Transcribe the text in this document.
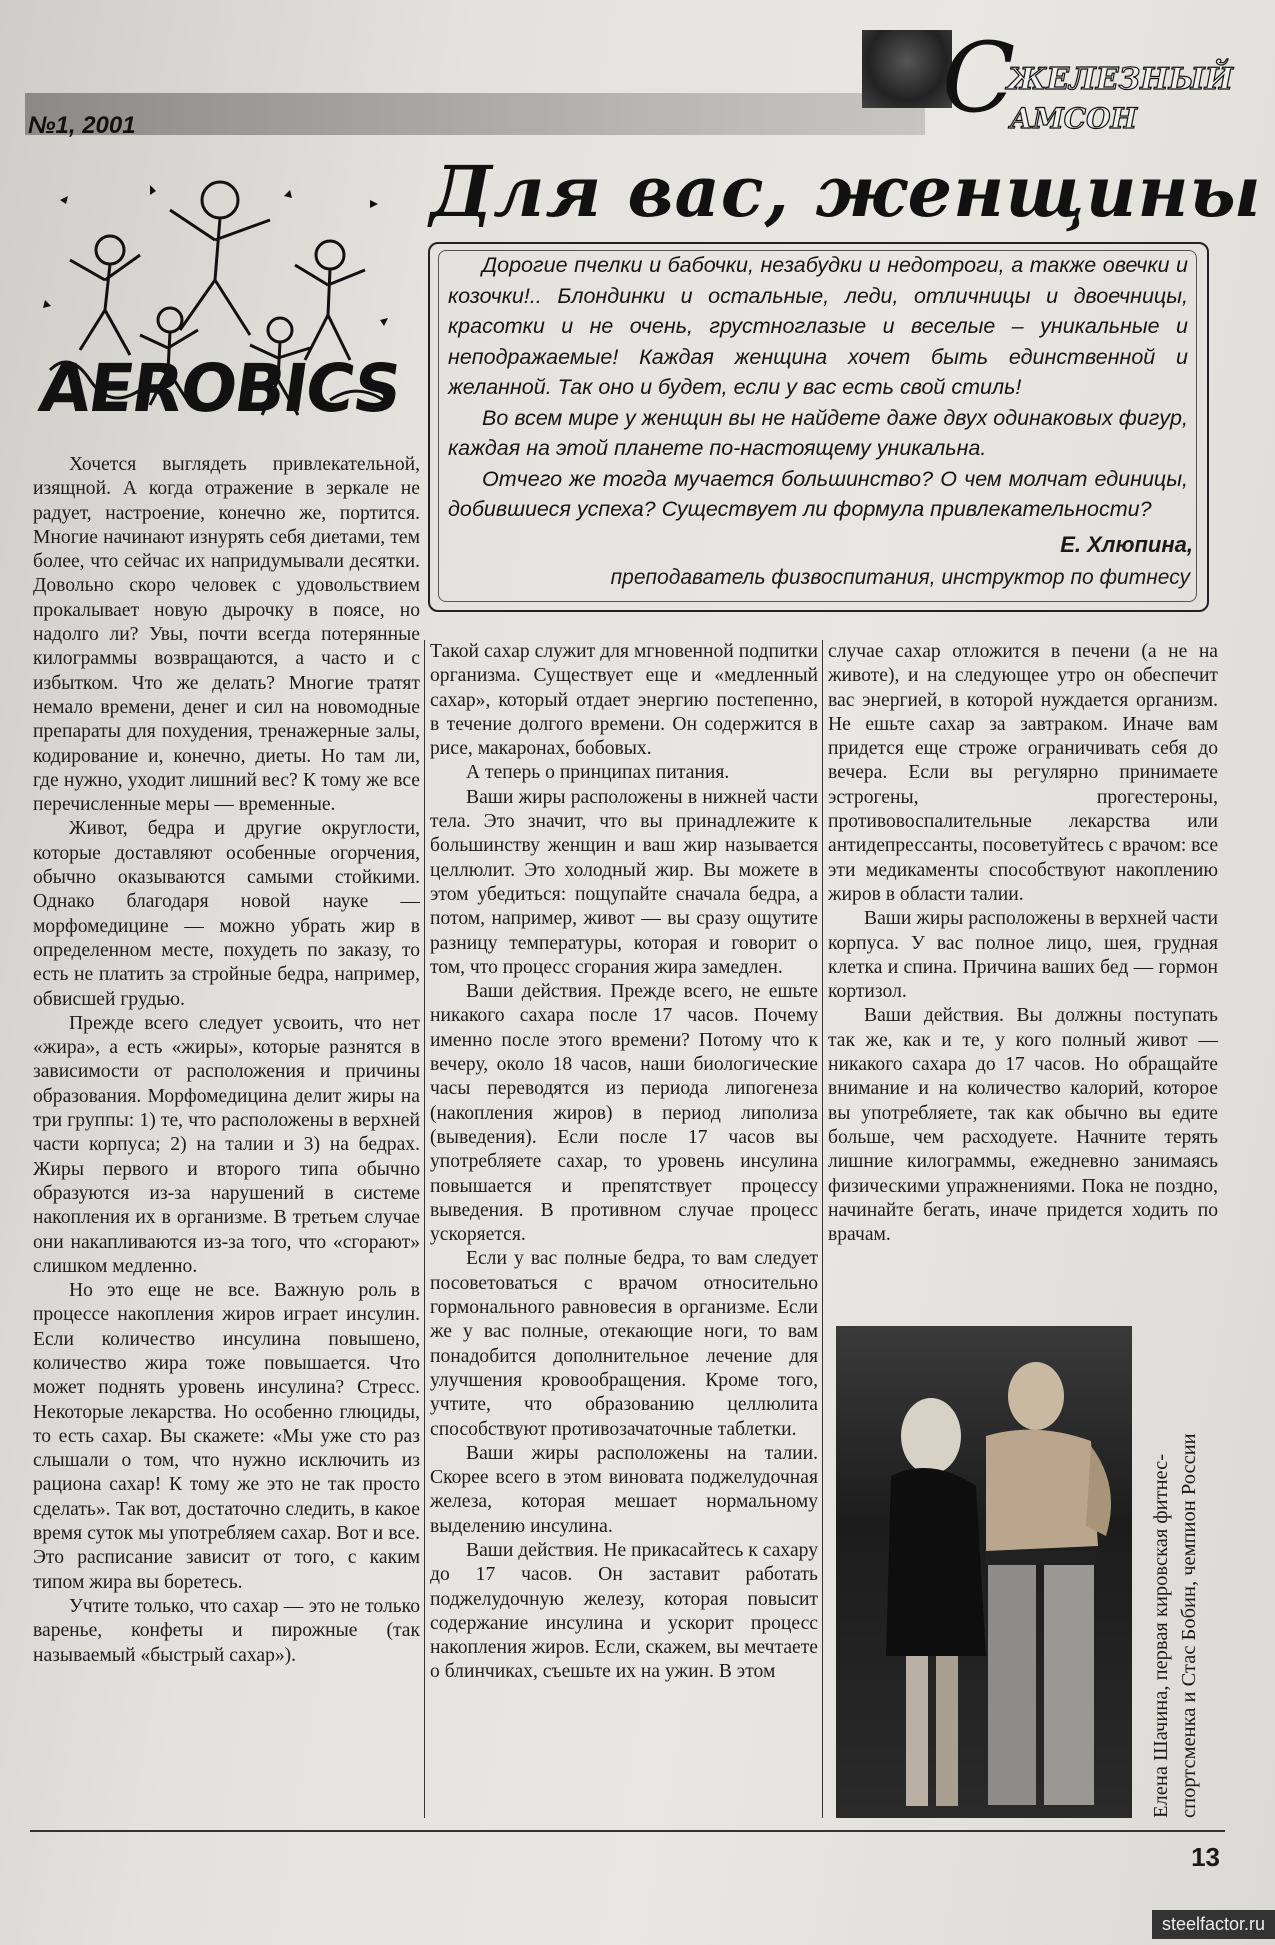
№1, 2001	С
ЖЕЛЕЗНЫЙ
АМСОН
Для вас, женщины
AEROBICS

Дорогие пчелки и бабочки, незабудки и недотроги, а также овечки и козочки!.. Блондинки и остальные, леди, отличницы и двоечницы, красотки и не очень, грустноглазые и веселые – уникальные и неподражаемые! Каждая женщина хочет быть единственной и желанной. Так оно и будет, если у вас есть свой стиль!

Во всем мире у женщин вы не найдете даже двух одинаковых фигур, каждая на этой планете по-настоящему уникальна.

Отчего же тогда мучается большинство? О чем молчат единицы, добившиеся успеха? Существует ли формула привлекательности?

Е. Хлюпина,
преподаватель физвоспитания, инструктор по фитнесу

Хочется выглядеть привлекательной, изящной. А когда отражение в зеркале не радует, настроение, конечно же, портится. Многие начинают изнурять себя диетами, тем более, что сейчас их напридумывали десятки. Довольно скоро человек с удовольствием прокалывает новую дырочку в поясе, но надолго ли? Увы, почти всегда потерянные килограммы возвращаются, а часто и с избытком. Что же делать? Многие тратят немало времени, денег и сил на новомодные препараты для похудения, тренажерные залы, кодирование и, конечно, диеты. Но там ли, где нужно, уходит лишний вес? К тому же все перечисленные меры — временные.

Живот, бедра и другие округлости, которые доставляют особенные огорчения, обычно оказываются самыми стойкими. Однако благодаря новой науке — морфомедицине — можно убрать жир в определенном месте, похудеть по заказу, то есть не платить за стройные бедра, например, обвисшей грудью.

Прежде всего следует усвоить, что нет «жира», а есть «жиры», которые разнятся в зависимости от расположения и причины образования. Морфомедицина делит жиры на три группы: 1) те, что расположены в верхней части корпуса; 2) на талии и 3) на бедрах. Жиры первого и второго типа обычно образуются из-за нарушений в системе накопления их в организме. В третьем случае они накапливаются из-за того, что «сгорают» слишком медленно.

Но это еще не все. Важную роль в процессе накопления жиров играет инсулин. Если количество инсулина повышено, количество жира тоже повышается. Что может поднять уровень инсулина? Стресс. Некоторые лекарства. Но особенно глюциды, то есть сахар. Вы скажете: «Мы уже сто раз слышали о том, что нужно исключить из рациона сахар! К тому же это не так просто сделать». Так вот, достаточно следить, в какое время суток мы употребляем сахар. Вот и все. Это расписание зависит от того, с каким типом жира вы боретесь.

Учтите только, что сахар — это не только варенье, конфеты и пирожные (так называемый «быстрый сахар»).

Такой сахар служит для мгновенной подпитки организма. Существует еще и «медленный сахар», который отдает энергию постепенно, в течение долгого времени. Он содержится в рисе, макаронах, бобовых.

А теперь о принципах питания.

Ваши жиры расположены в нижней части тела. Это значит, что вы принадлежите к большинству женщин и ваш жир называется целлюлит. Это холодный жир. Вы можете в этом убедиться: пощупайте сначала бедра, а потом, например, живот — вы сразу ощутите разницу температуры, которая и говорит о том, что процесс сгорания жира замедлен.

Ваши действия. Прежде всего, не ешьте никакого сахара после 17 часов. Почему именно после этого времени? Потому что к вечеру, около 18 часов, наши биологические часы переводятся из периода липогенеза (накопления жиров) в период липолиза (выведения). Если после 17 часов вы употребляете сахар, то уровень инсулина повышается и препятствует процессу выведения. В противном случае процесс ускоряется.

Если у вас полные бедра, то вам следует посоветоваться с врачом относительно гормонального равновесия в организме. Если же у вас полные, отекающие ноги, то вам понадобится дополнительное лечение для улучшения кровообращения. Кроме того, учтите, что образованию целлюлита способствуют противозачаточные таблетки.

Ваши жиры расположены на талии. Скорее всего в этом виновата поджелудочная железа, которая мешает нормальному выделению инсулина.

Ваши действия. Не прикасайтесь к сахару до 17 часов. Он заставит работать поджелудочную железу, которая повысит содержание инсулина и ускорит процесс накопления жиров. Если, скажем, вы мечтаете о блинчиках, съешьте их на ужин. В этом

случае сахар отложится в печени (а не на животе), и на следующее утро он обеспечит вас энергией, в которой нуждается организм. Не ешьте сахар за завтраком. Иначе вам придется еще строже ограничивать себя до вечера. Если вы регулярно принимаете эстрогены, прогестероны, противовоспалительные лекарства или антидепрессанты, посоветуйтесь с врачом: все эти медикаменты способствуют накоплению жиров в области талии.

Ваши жиры расположены в верхней части корпуса. У вас полное лицо, шея, грудная клетка и спина. Причина ваших бед — гормон кортизол.

Ваши действия. Вы должны поступать так же, как и те, у кого полный живот — никакого сахара до 17 часов. Но обращайте внимание и на количество калорий, которое вы употребляете, так как обычно вы едите больше, чем расходуете. Начните терять лишние килограммы, ежедневно занимаясь физическими упражнениями. Пока не поздно, начинайте бегать, иначе придется ходить по врачам.

Елена Шачина, первая кировская фитнес- спортсменка и Стас Бобин, чемпион России
13
steelfactor.ru
